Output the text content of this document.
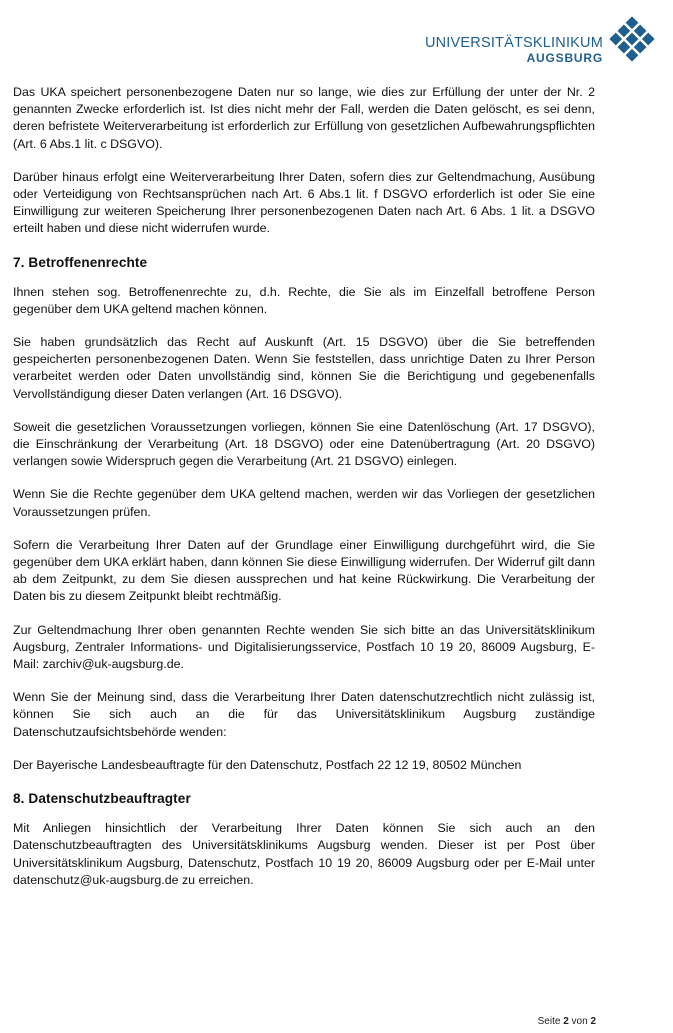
UNIVERSITÄTSKLINIKUM
AUGSBURG

Das UKA speichert personenbezogene Daten nur so lange, wie dies zur Erfüllung der unter der Nr. 2 genannten Zwecke erforderlich ist. Ist dies nicht mehr der Fall, werden die Daten gelöscht, es sei denn, deren befristete Weiterverarbeitung ist erforderlich zur Erfüllung von gesetzlichen Aufbewahrungspflichten (Art. 6 Abs.1 lit. c DSGVO).

Darüber hinaus erfolgt eine Weiterverarbeitung Ihrer Daten, sofern dies zur Geltendmachung, Ausübung oder Verteidigung von Rechtsansprüchen nach Art. 6 Abs.1 lit. f DSGVO erforderlich ist oder Sie eine Einwilligung zur weiteren Speicherung Ihrer personenbezogenen Daten nach Art. 6 Abs. 1 lit. a DSGVO erteilt haben und diese nicht widerrufen wurde.

7. Betroffenenrechte

Ihnen stehen sog. Betroffenenrechte zu, d.h. Rechte, die Sie als im Einzelfall betroffene Person gegenüber dem UKA geltend machen können.

Sie haben grundsätzlich das Recht auf Auskunft (Art. 15 DSGVO) über die Sie betreffenden gespeicherten personenbezogenen Daten. Wenn Sie feststellen, dass unrichtige Daten zu Ihrer Person verarbeitet werden oder Daten unvollständig sind, können Sie die Berichtigung und gegebenenfalls Vervollständigung dieser Daten verlangen (Art. 16 DSGVO).

Soweit die gesetzlichen Voraussetzungen vorliegen, können Sie eine Datenlöschung (Art. 17 DSGVO), die Einschränkung der Verarbeitung (Art. 18 DSGVO) oder eine Datenübertragung (Art. 20 DSGVO) verlangen sowie Widerspruch gegen die Verarbeitung (Art. 21 DSGVO) einlegen.

Wenn Sie die Rechte gegenüber dem UKA geltend machen, werden wir das Vorliegen der gesetzlichen Voraussetzungen prüfen.

Sofern die Verarbeitung Ihrer Daten auf der Grundlage einer Einwilligung durchgeführt wird, die Sie gegenüber dem UKA erklärt haben, dann können Sie diese Einwilligung widerrufen. Der Widerruf gilt dann ab dem Zeitpunkt, zu dem Sie diesen aussprechen und hat keine Rückwirkung. Die Verarbeitung der Daten bis zu diesem Zeitpunkt bleibt rechtmäßig.

Zur Geltendmachung Ihrer oben genannten Rechte wenden Sie sich bitte an das Universitätsklinikum Augsburg, Zentraler Informations- und Digitalisierungsservice, Postfach 10 19 20, 86009 Augsburg, E-Mail: zarchiv@uk-augsburg.de.

Wenn Sie der Meinung sind, dass die Verarbeitung Ihrer Daten datenschutzrechtlich nicht zulässig ist, können Sie sich auch an die für das Universitätsklinikum Augsburg zuständige Datenschutzaufsichtsbehörde wenden:

Der Bayerische Landesbeauftragte für den Datenschutz, Postfach 22 12 19, 80502 München

8. Datenschutzbeauftragter

Mit Anliegen hinsichtlich der Verarbeitung Ihrer Daten können Sie sich auch an den Datenschutzbeauftragten des Universitätsklinikums Augsburg wenden. Dieser ist per Post über Universitätsklinikum Augsburg, Datenschutz, Postfach 10 19 20, 86009 Augsburg oder per E-Mail unter datenschutz@uk-augsburg.de zu erreichen.

Seite 2 von 2
